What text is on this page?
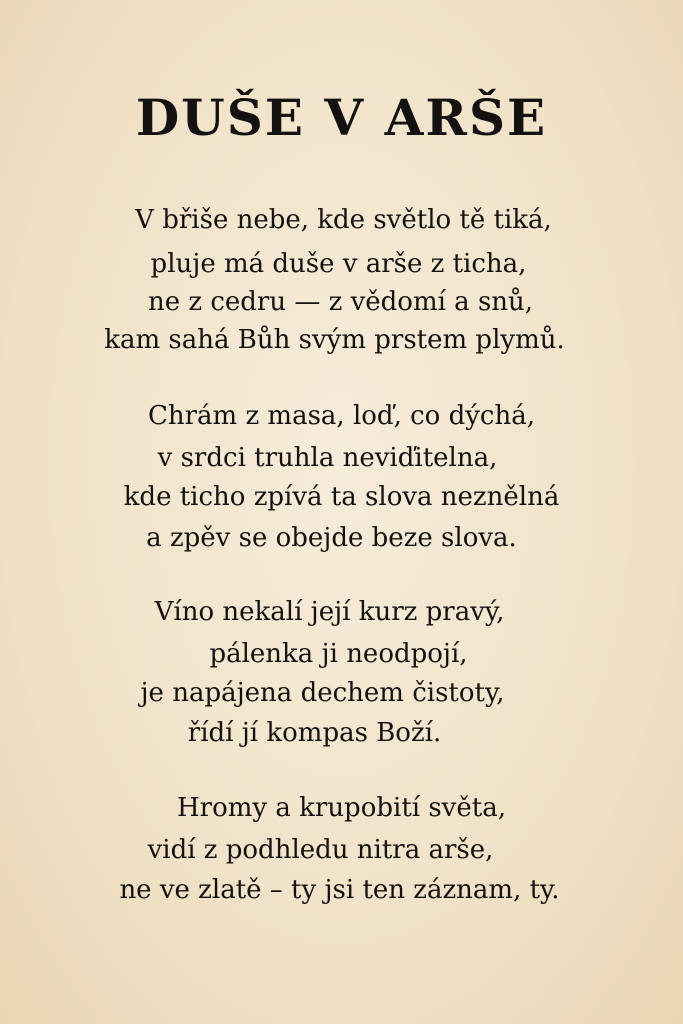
DUŠE V ARŠE
V břiše nebe, kde světlo tě tiká,
pluje má duše v arše z ticha,
ne z cedru — z vědomí a snů,
kam sahá Bůh svým prstem plymů.
Chrám z masa, loď, co dýchá,
v srdci truhla neviďitelna,
kde ticho zpívá ta slova neznělná
a zpěv se obejde beze slova.
Víno nekalí její kurz pravý,
pálenka ji neodpojí,
je napájena dechem čistoty,
řídí jí kompas Boží.
Hromy a krupobití světa,
vidí z podhledu nitra arše,
ne ve zlatě – ty jsi ten záznam, ty.
